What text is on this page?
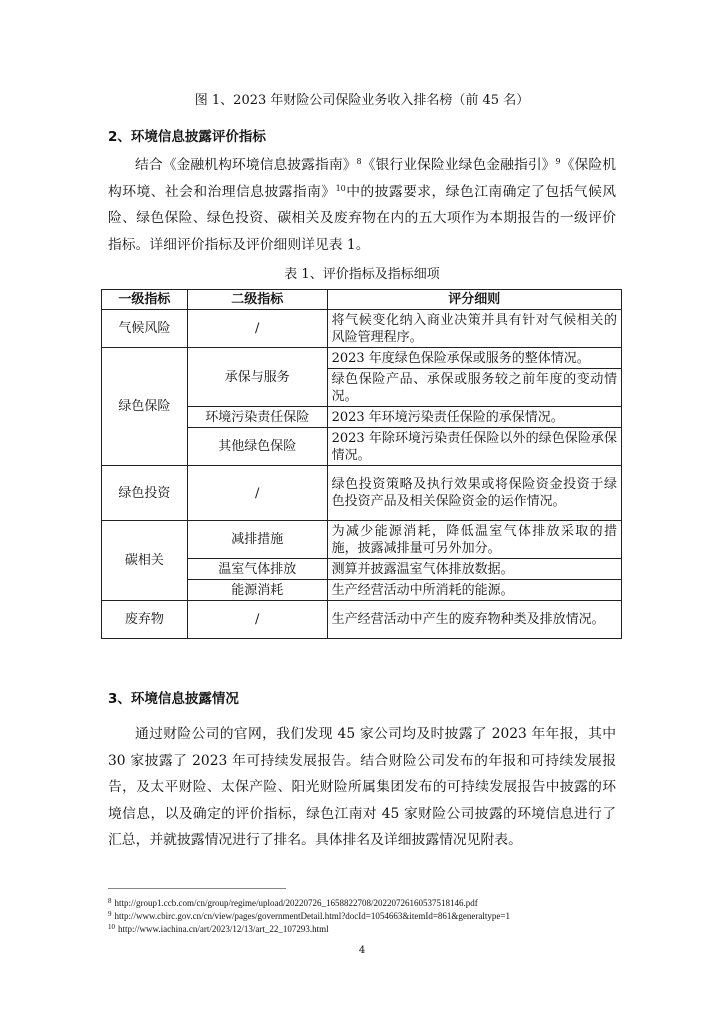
图 1、2023 年财险公司保险业务收入排名榜（前 45 名）
2、环境信息披露评价指标

结合《金融机构环境信息披露指南》$^8$《银行业保险业绿色金融指引》$^9$《保险机构环境、社会和治理信息披露指南》$^{10}$中的披露要求，绿色江南确定了包括气候风险、绿色保险、绿色投资、碳相关及废弃物在内的五大项作为本期报告的一级评价指标。详细评价指标及评价细则详见表 1。

表 1、评价指标及指标细项
一级指标	二级指标	评分细则
气候风险	/	将气候变化纳入商业决策并具有针对气候相关的风险管理程序。
绿色保险	承保与服务	2023 年度绿色保险承保或服务的整体情况。
		绿色保险产品、承保或服务较之前年度的变动情况。
	环境污染责任保险	2023 年环境污染责任保险的承保情况。
	其他绿色保险	2023 年除环境污染责任保险以外的绿色保险承保情况。
绿色投资	/	绿色投资策略及执行效果或将保险资金投资于绿色投资产品及相关保险资金的运作情况。
碳相关	减排措施	为减少能源消耗，降低温室气体排放采取的措施，披露减排量可另外加分。
	温室气体排放	测算并披露温室气体排放数据。
	能源消耗	生产经营活动中所消耗的能源。
废弃物	/	生产经营活动中产生的废弃物种类及排放情况。
3、环境信息披露情况

通过财险公司的官网，我们发现 45 家公司均及时披露了 2023 年年报，其中 30 家披露了 2023 年可持续发展报告。结合财险公司发布的年报和可持续发展报告，及太平财险、太保产险、阳光财险所属集团发布的可持续发展报告中披露的环境信息，以及确定的评价指标，绿色江南对 45 家财险公司披露的环境信息进行了汇总，并就披露情况进行了排名。具体排名及详细披露情况见附表。

$^8$ http://group1.ccb.com/cn/group/regime/upload/20220726_1658822708/20220726160537518146.pdf
$^9$ http://www.cbirc.gov.cn/cn/view/pages/governmentDetail.html?docId=1054663&itemId=861&generaltype=1
$^{10}$ http://www.iachina.cn/art/2023/12/13/art_22_107293.html
4
